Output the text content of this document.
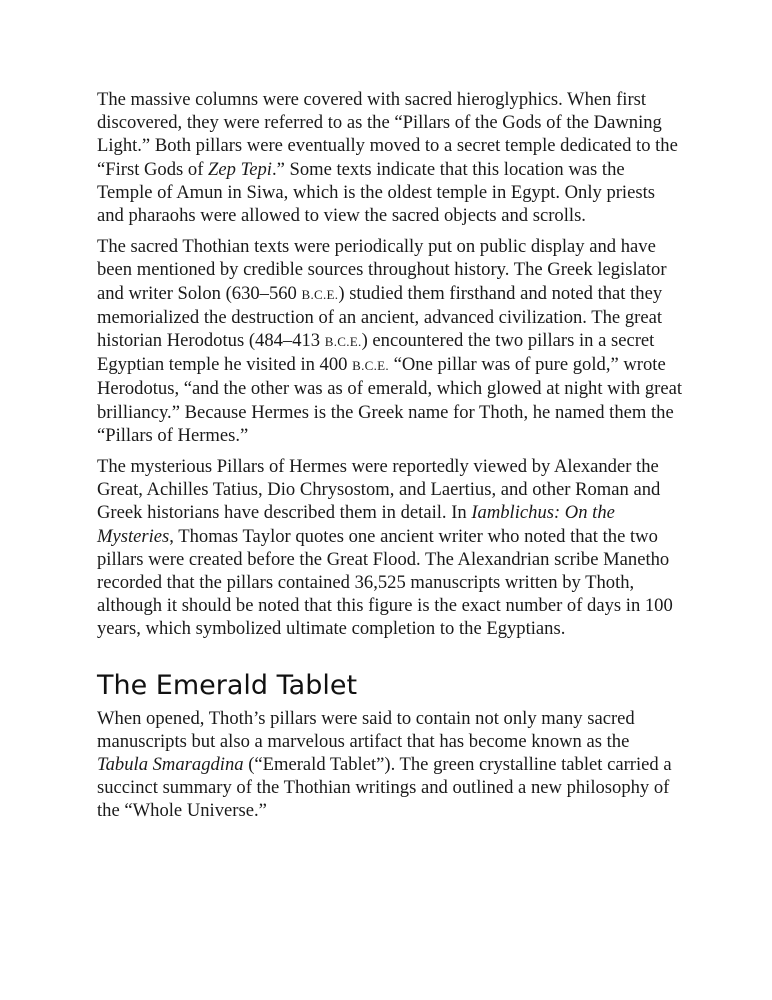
The massive columns were covered with sacred hieroglyphics. When first discovered, they were referred to as the “Pillars of the Gods of the Dawning Light.” Both pillars were eventually moved to a secret temple dedicated to the “First Gods of Zep Tepi.” Some texts indicate that this location was the Temple of Amun in Siwa, which is the oldest temple in Egypt. Only priests and pharaohs were allowed to view the sacred objects and scrolls.

The sacred Thothian texts were periodically put on public display and have been mentioned by credible sources throughout history. The Greek legislator and writer Solon (630–560 B.C.E.) studied them firsthand and noted that they memorialized the destruction of an ancient, advanced civilization. The great historian Herodotus (484–413 B.C.E.) encountered the two pillars in a secret Egyptian temple he visited in 400 B.C.E. “One pillar was of pure gold,” wrote Herodotus, “and the other was as of emerald, which glowed at night with great brilliancy.” Because Hermes is the Greek name for Thoth, he named them the “Pillars of Hermes.”

The mysterious Pillars of Hermes were reportedly viewed by Alexander the Great, Achilles Tatius, Dio Chrysostom, and Laertius, and other Roman and Greek historians have described them in detail. In Iamblichus: On the Mysteries, Thomas Taylor quotes one ancient writer who noted that the two pillars were created before the Great Flood. The Alexandrian scribe Manetho recorded that the pillars contained 36,525 manuscripts written by Thoth, although it should be noted that this figure is the exact number of days in 100 years, which symbolized ultimate completion to the Egyptians.

The Emerald Tablet

When opened, Thoth’s pillars were said to contain not only many sacred manuscripts but also a marvelous artifact that has become known as the Tabula Smaragdina (“Emerald Tablet”). The green crystalline tablet carried a succinct summary of the Thothian writings and outlined a new philosophy of the “Whole Universe.”
